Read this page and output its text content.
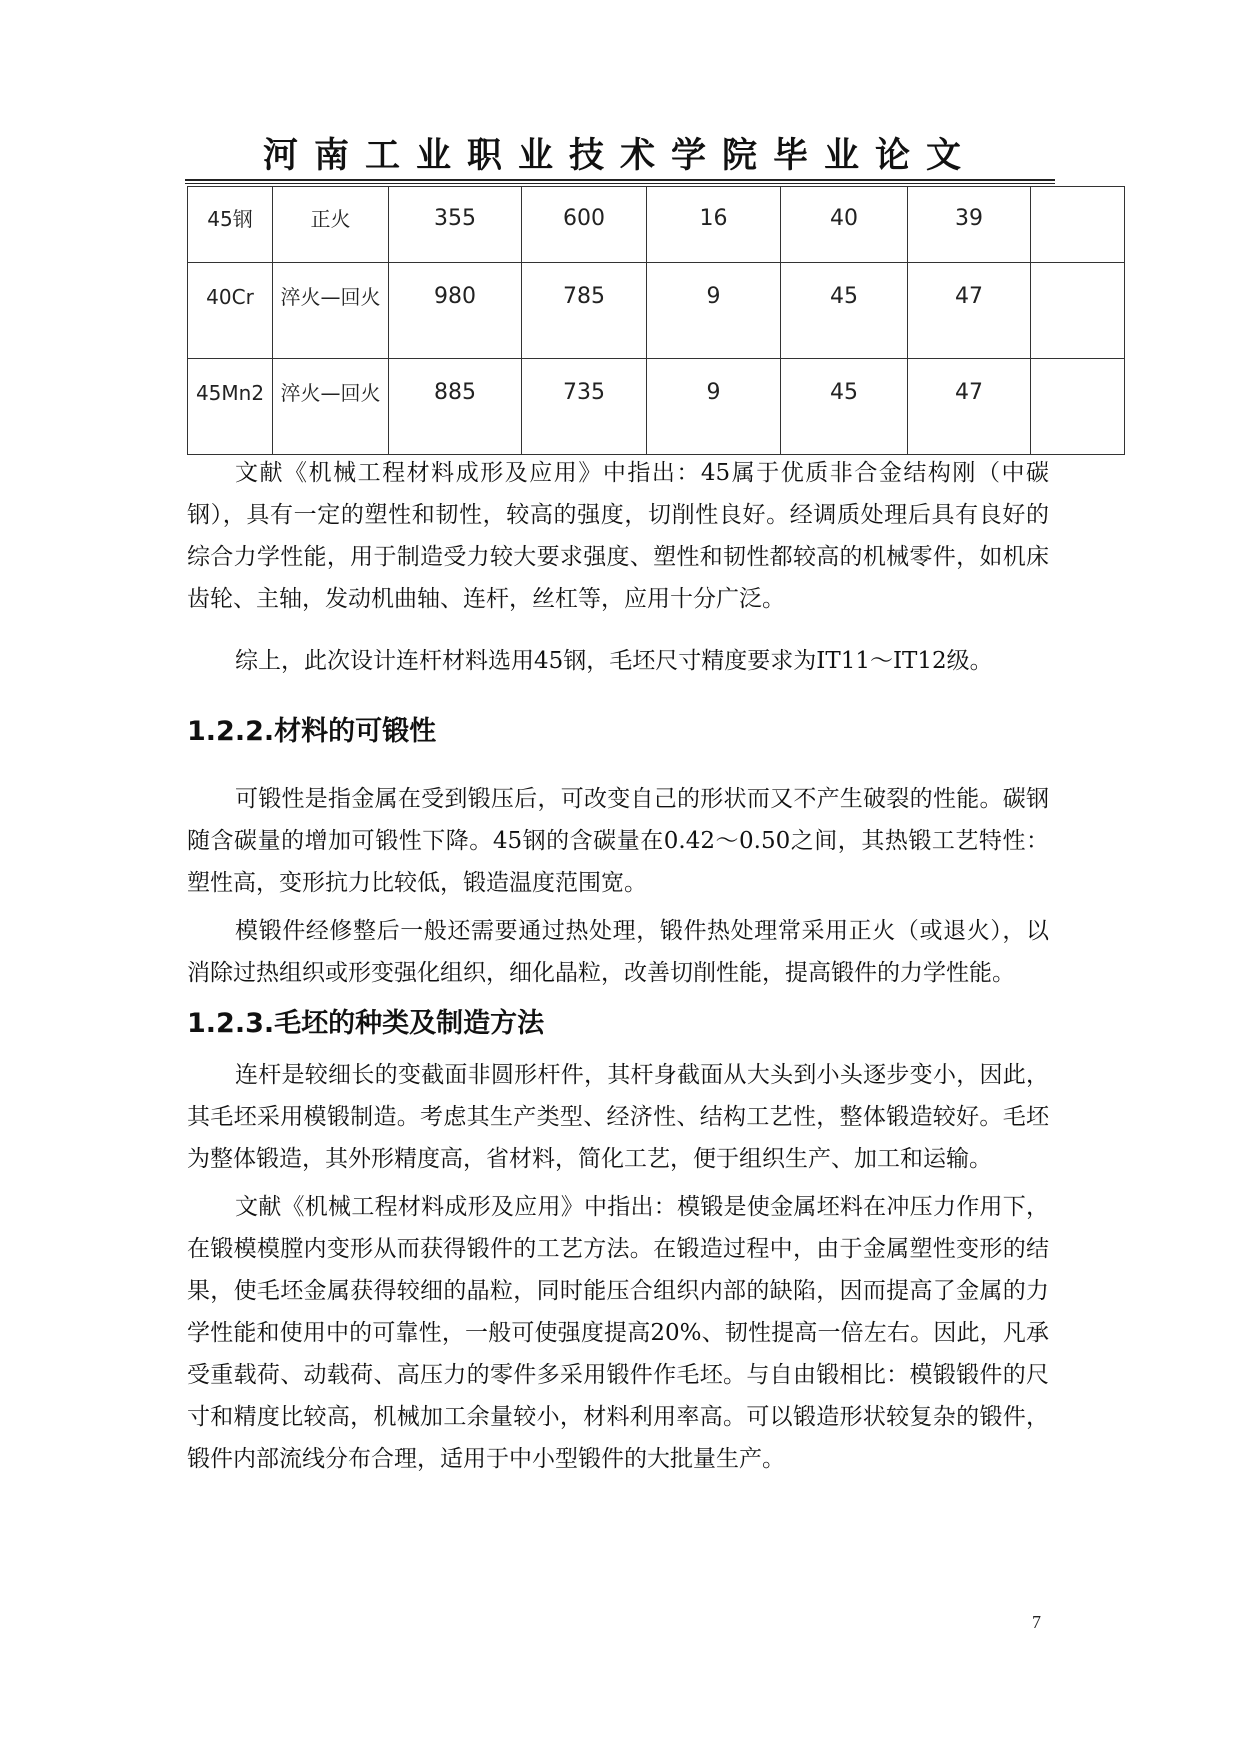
河南工业职业技术学院毕业论文
45钢	正火	355	600	16	40	39	
40Cr	淬火—回火	980	785	9	45	47	
45Mn2	淬火—回火	885	735	9	45	47	

文献《机械工程材料成形及应用》中指出：45属于优质非合金结构刚（中碳钢），具有一定的塑性和韧性，较高的强度，切削性良好。经调质处理后具有良好的综合力学性能，用于制造受力较大要求强度、塑性和韧性都较高的机械零件，如机床齿轮、主轴，发动机曲轴、连杆，丝杠等，应用十分广泛。

综上，此次设计连杆材料选用45钢，毛坯尺寸精度要求为IT11～IT12级。

1.2.2.材料的可锻性

可锻性是指金属在受到锻压后，可改变自己的形状而又不产生破裂的性能。碳钢随含碳量的增加可锻性下降。45钢的含碳量在0.42～0.50之间，其热锻工艺特性：塑性高，变形抗力比较低，锻造温度范围宽。

模锻件经修整后一般还需要通过热处理，锻件热处理常采用正火（或退火），以消除过热组织或形变强化组织，细化晶粒，改善切削性能，提高锻件的力学性能。

1.2.3.毛坯的种类及制造方法

连杆是较细长的变截面非圆形杆件，其杆身截面从大头到小头逐步变小，因此，其毛坯采用模锻制造。考虑其生产类型、经济性、结构工艺性，整体锻造较好。毛坯为整体锻造，其外形精度高，省材料，简化工艺，便于组织生产、加工和运输。

文献《机械工程材料成形及应用》中指出：模锻是使金属坯料在冲压力作用下，在锻模模膛内变形从而获得锻件的工艺方法。在锻造过程中，由于金属塑性变形的结果，使毛坯金属获得较细的晶粒，同时能压合组织内部的缺陷，因而提高了金属的力学性能和使用中的可靠性，一般可使强度提高20%、韧性提高一倍左右。因此，凡承受重载荷、动载荷、高压力的零件多采用锻件作毛坯。与自由锻相比：模锻锻件的尺寸和精度比较高，机械加工余量较小，材料利用率高。可以锻造形状较复杂的锻件，锻件内部流线分布合理，适用于中小型锻件的大批量生产。

7
